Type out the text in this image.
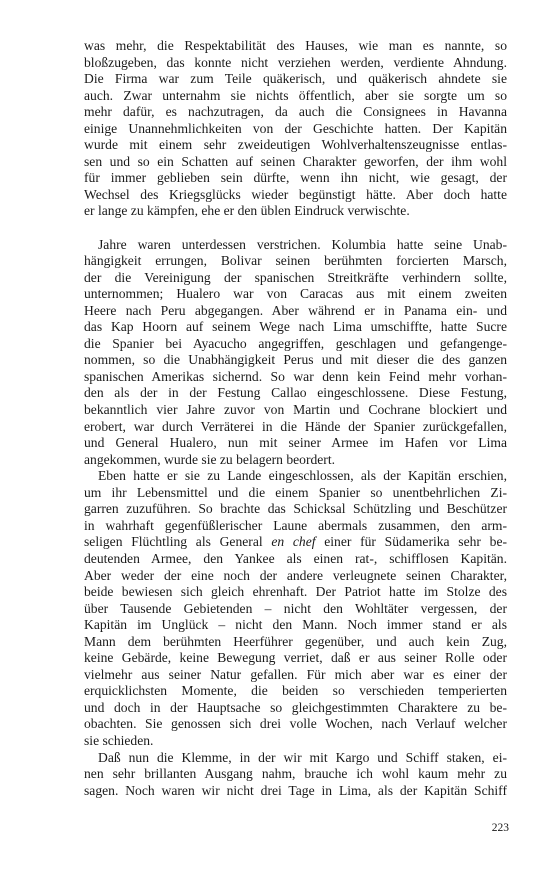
was mehr, die Respektabilität des Hauses, wie man es nannte, so
bloßzugeben, das konnte nicht verziehen werden, verdiente Ahndung.
Die Firma war zum Teile quäkerisch, und quäkerisch ahndete sie
auch. Zwar unternahm sie nichts öffentlich, aber sie sorgte um so
mehr dafür, es nachzutragen, da auch die Consignees in Havanna
einige Unannehmlichkeiten von der Geschichte hatten. Der Kapitän
wurde mit einem sehr zweideutigen Wohlverhaltenszeugnisse entlas-
sen und so ein Schatten auf seinen Charakter geworfen, der ihm wohl
für immer geblieben sein dürfte, wenn ihn nicht, wie gesagt, der
Wechsel des Kriegsglücks wieder begünstigt hätte. Aber doch hatte
er lange zu kämpfen, ehe er den üblen Eindruck verwischte.
Jahre waren unterdessen verstrichen. Kolumbia hatte seine Unab-
hängigkeit errungen, Bolivar seinen berühmten forcierten Marsch,
der die Vereinigung der spanischen Streitkräfte verhindern sollte,
unternommen; Hualero war von Caracas aus mit einem zweiten
Heere nach Peru abgegangen. Aber während er in Panama ein- und
das Kap Hoorn auf seinem Wege nach Lima umschiffte, hatte Sucre
die Spanier bei Ayacucho angegriffen, geschlagen und gefangenge-
nommen, so die Unabhängigkeit Perus und mit dieser die des ganzen
spanischen Amerikas sichernd. So war denn kein Feind mehr vorhan-
den als der in der Festung Callao eingeschlossene. Diese Festung,
bekanntlich vier Jahre zuvor von Martin und Cochrane blockiert und
erobert, war durch Verräterei in die Hände der Spanier zurückgefallen,
und General Hualero, nun mit seiner Armee im Hafen vor Lima
angekommen, wurde sie zu belagern beordert.
Eben hatte er sie zu Lande eingeschlossen, als der Kapitän erschien,
um ihr Lebensmittel und die einem Spanier so unentbehrlichen Zi-
garren zuzuführen. So brachte das Schicksal Schützling und Beschützer
in wahrhaft gegenfüßlerischer Laune abermals zusammen, den arm-
seligen Flüchtling als General en chef einer für Südamerika sehr be-
deutenden Armee, den Yankee als einen rat-, schifflosen Kapitän.
Aber weder der eine noch der andere verleugnete seinen Charakter,
beide bewiesen sich gleich ehrenhaft. Der Patriot hatte im Stolze des
über Tausende Gebietenden – nicht den Wohltäter vergessen, der
Kapitän im Unglück – nicht den Mann. Noch immer stand er als
Mann dem berühmten Heerführer gegenüber, und auch kein Zug,
keine Gebärde, keine Bewegung verriet, daß er aus seiner Rolle oder
vielmehr aus seiner Natur gefallen. Für mich aber war es einer der
erquicklichsten Momente, die beiden so verschieden temperierten
und doch in der Hauptsache so gleichgestimmten Charaktere zu be-
obachten. Sie genossen sich drei volle Wochen, nach Verlauf welcher
sie schieden.
Daß nun die Klemme, in der wir mit Kargo und Schiff staken, ei-
nen sehr brillanten Ausgang nahm, brauche ich wohl kaum mehr zu
sagen. Noch waren wir nicht drei Tage in Lima, als der Kapitän Schiff
223
